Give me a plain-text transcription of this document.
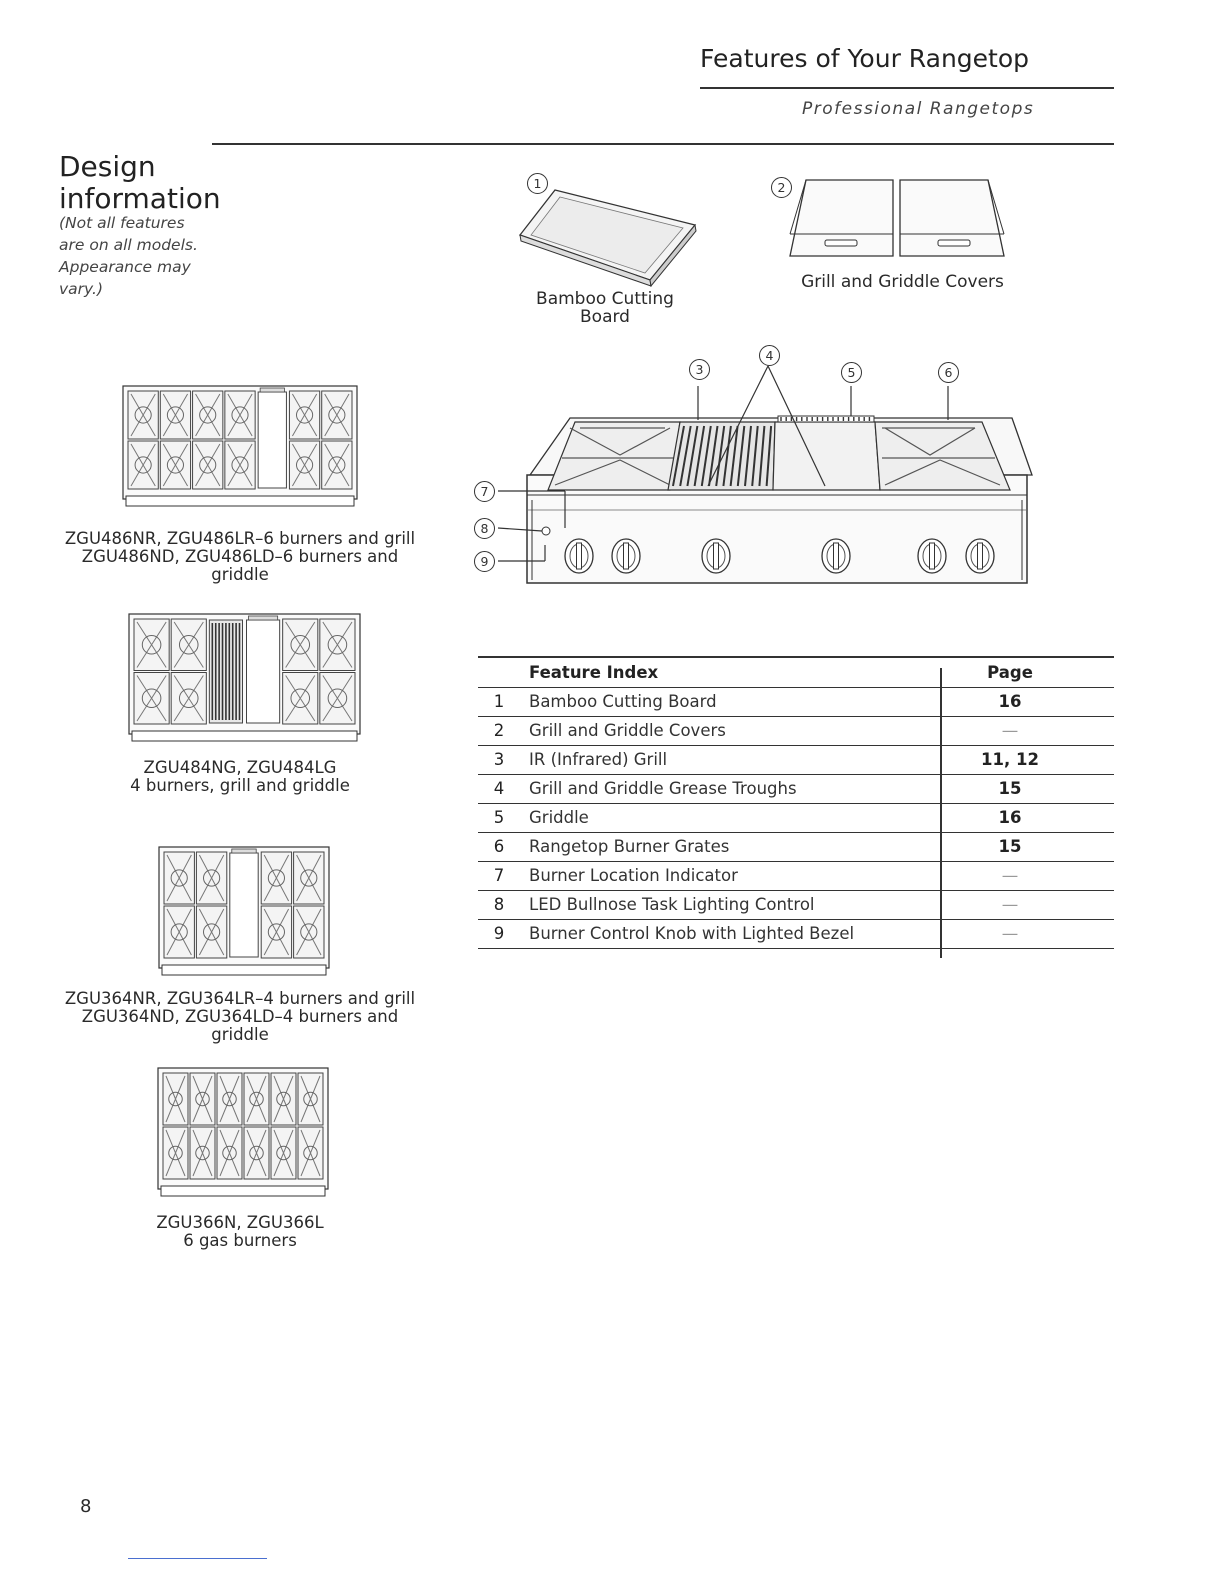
Features of Your Rangetop
Professional Rangetops
Design
information
(Not all features
are on all models.
Appearance may
vary.)
1
Bamboo Cutting
Board
2
Grill and Griddle Covers
3
4
5	6
7
8
9
ZGU486NR, ZGU486LR–6 burners and grill
ZGU486ND, ZGU486LD–6 burners and
griddle
ZGU484NG, ZGU484LG
4 burners, grill and griddle
ZGU364NR, ZGU364LR–4 burners and grill
ZGU364ND, ZGU364LD–4 burners and
griddle
ZGU366N, ZGU366L
6 gas burners
Feature Index	Page
1	Bamboo Cutting Board	16
2	Grill and Griddle Covers	—
3	IR (Infrared) Grill	11, 12
4	Grill and Griddle Grease Troughs	15
5	Griddle	16
6	Rangetop Burner Grates	15
7	Burner Location Indicator	—
8	LED Bullnose Task Lighting Control	—
9	Burner Control Knob with Lighted Bezel	—
8
